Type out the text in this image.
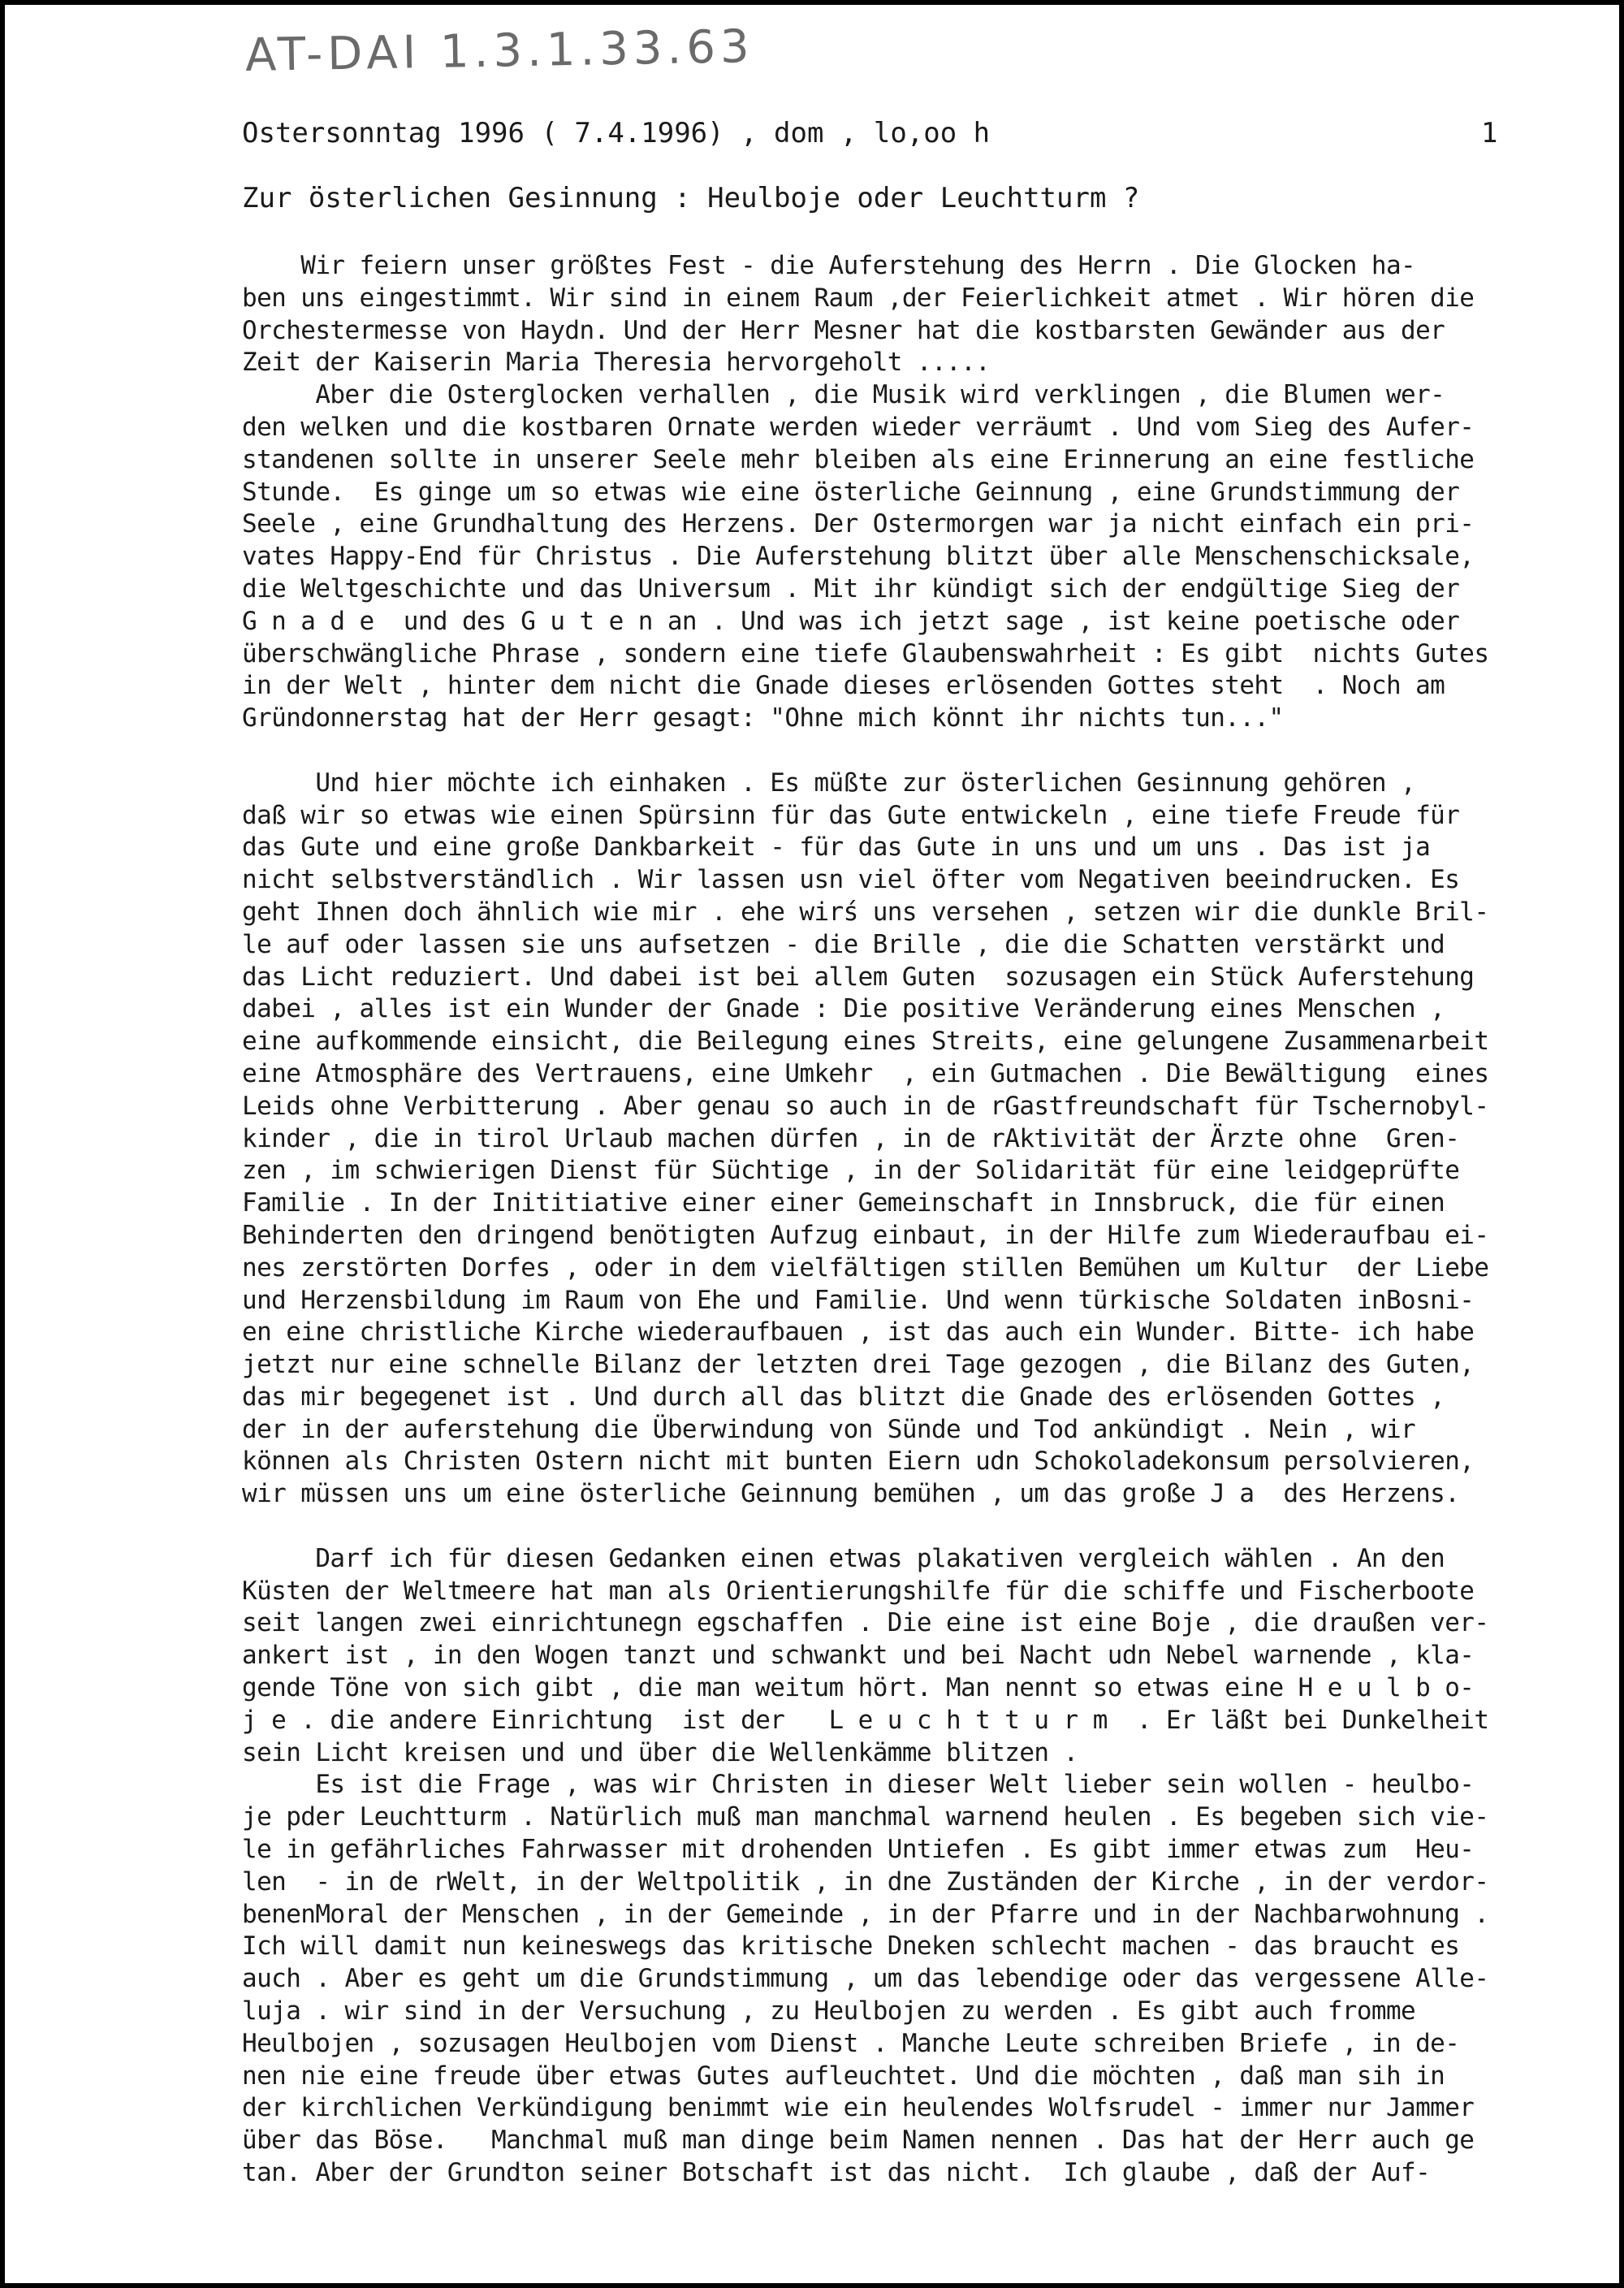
AT-DAI 1.3.1.33.63
Ostersonntag 1996 ( 7.4.1996) , dom , lo,oo h	1
Zur österlichen Gesinnung : Heulboje oder Leuchtturm ?
Wir feiern unser größtes Fest - die Auferstehung des Herrn . Die Glocken ha-
ben uns eingestimmt. Wir sind in einem Raum ,der Feierlichkeit atmet . Wir hören die
Orchestermesse von Haydn. Und der Herr Mesner hat die kostbarsten Gewänder aus der
Zeit der Kaiserin Maria Theresia hervorgeholt .....
Aber die Osterglocken verhallen , die Musik wird verklingen , die Blumen wer-
den welken und die kostbaren Ornate werden wieder verräumt . Und vom Sieg des Aufer-
standenen sollte in unserer Seele mehr bleiben als eine Erinnerung an eine festliche
Stunde.  Es ginge um so etwas wie eine österliche Geinnung , eine Grundstimmung der
Seele , eine Grundhaltung des Herzens. Der Ostermorgen war ja nicht einfach ein pri-
vates Happy-End für Christus . Die Auferstehung blitzt über alle Menschenschicksale,
die Weltgeschichte und das Universum . Mit ihr kündigt sich der endgültige Sieg der
G n a d e  und des G u t e n an . Und was ich jetzt sage , ist keine poetische oder
überschwängliche Phrase , sondern eine tiefe Glaubenswahrheit : Es gibt  nichts Gutes
in der Welt , hinter dem nicht die Gnade dieses erlösenden Gottes steht  . Noch am
Gründonnerstag hat der Herr gesagt: "Ohne mich könnt ihr nichts tun..."
Und hier möchte ich einhaken . Es müßte zur österlichen Gesinnung gehören ,
daß wir so etwas wie einen Spürsinn für das Gute entwickeln , eine tiefe Freude für
das Gute und eine große Dankbarkeit - für das Gute in uns und um uns . Das ist ja
nicht selbstverständlich . Wir lassen usn viel öfter vom Negativen beeindrucken. Es
geht Ihnen doch ähnlich wie mir . ehe wirś uns versehen , setzen wir die dunkle Bril-
le auf oder lassen sie uns aufsetzen - die Brille , die die Schatten verstärkt und
das Licht reduziert. Und dabei ist bei allem Guten  sozusagen ein Stück Auferstehung
dabei , alles ist ein Wunder der Gnade : Die positive Veränderung eines Menschen ,
eine aufkommende einsicht, die Beilegung eines Streits, eine gelungene Zusammenarbeit
eine Atmosphäre des Vertrauens, eine Umkehr  , ein Gutmachen . Die Bewältigung  eines
Leids ohne Verbitterung . Aber genau so auch in de rGastfreundschaft für Tschernobyl-
kinder , die in tirol Urlaub machen dürfen , in de rAktivität der Ärzte ohne  Gren-
zen , im schwierigen Dienst für Süchtige , in der Solidarität für eine leidgeprüfte
Familie . In der Inititiative einer einer Gemeinschaft in Innsbruck, die für einen
Behinderten den dringend benötigten Aufzug einbaut, in der Hilfe zum Wiederaufbau ei-
nes zerstörten Dorfes , oder in dem vielfältigen stillen Bemühen um Kultur  der Liebe
und Herzensbildung im Raum von Ehe und Familie. Und wenn türkische Soldaten inBosni-
en eine christliche Kirche wiederaufbauen , ist das auch ein Wunder. Bitte- ich habe
jetzt nur eine schnelle Bilanz der letzten drei Tage gezogen , die Bilanz des Guten,
das mir begegenet ist . Und durch all das blitzt die Gnade des erlösenden Gottes ,
der in der auferstehung die Überwindung von Sünde und Tod ankündigt . Nein , wir
können als Christen Ostern nicht mit bunten Eiern udn Schokoladekonsum persolvieren,
wir müssen uns um eine österliche Geinnung bemühen , um das große J a  des Herzens.
Darf ich für diesen Gedanken einen etwas plakativen vergleich wählen . An den
Küsten der Weltmeere hat man als Orientierungshilfe für die schiffe und Fischerboote
seit langen zwei einrichtunegn egschaffen . Die eine ist eine Boje , die draußen ver-
ankert ist , in den Wogen tanzt und schwankt und bei Nacht udn Nebel warnende , kla-
gende Töne von sich gibt , die man weitum hört. Man nennt so etwas eine H e u l b o-
j e . die andere Einrichtung  ist der   L e u c h t t u r m  . Er läßt bei Dunkelheit
sein Licht kreisen und und über die Wellenkämme blitzen .
Es ist die Frage , was wir Christen in dieser Welt lieber sein wollen - heulbo-
je pder Leuchtturm . Natürlich muß man manchmal warnend heulen . Es begeben sich vie-
le in gefährliches Fahrwasser mit drohenden Untiefen . Es gibt immer etwas zum  Heu-
len  - in de rWelt, in der Weltpolitik , in dne Zuständen der Kirche , in der verdor-
benenMoral der Menschen , in der Gemeinde , in der Pfarre und in der Nachbarwohnung .
Ich will damit nun keineswegs das kritische Dneken schlecht machen - das braucht es
auch . Aber es geht um die Grundstimmung , um das lebendige oder das vergessene Alle-
luja . wir sind in der Versuchung , zu Heulbojen zu werden . Es gibt auch fromme
Heulbojen , sozusagen Heulbojen vom Dienst . Manche Leute schreiben Briefe , in de-
nen nie eine freude über etwas Gutes aufleuchtet. Und die möchten , daß man sih in
der kirchlichen Verkündigung benimmt wie ein heulendes Wolfsrudel - immer nur Jammer
über das Böse.   Manchmal muß man dinge beim Namen nennen . Das hat der Herr auch ge
tan. Aber der Grundton seiner Botschaft ist das nicht.  Ich glaube , daß der Auf-
